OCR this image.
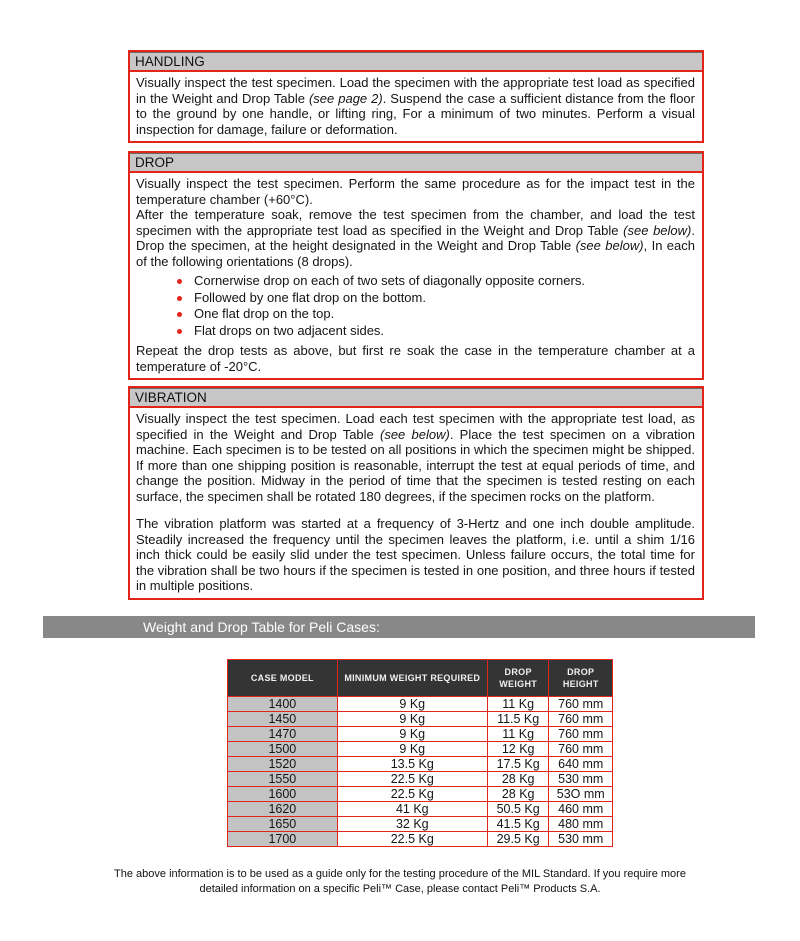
HANDLING

Visually inspect the test specimen. Load the specimen with the appropriate test load as specified in the Weight and Drop Table (see page 2). Suspend the case a sufficient distance from the floor to the ground by one handle, or lifting ring, For a minimum of two minutes. Perform a visual inspection for damage, failure or deformation.

DROP

Visually inspect the test specimen. Perform the same procedure as for the impact test in the temperature chamber (+60°C).

After the temperature soak, remove the test specimen from the chamber, and load the test specimen with the appropriate test load as specified in the Weight and Drop Table (see below). Drop the specimen, at the height designated in the Weight and Drop Table (see below), In each of the following orientations (8 drops).

Cornerwise drop on each of two sets of diagonally opposite corners.
Followed by one flat drop on the bottom.
One flat drop on the top.
Flat drops on two adjacent sides.

Repeat the drop tests as above, but first re soak the case in the temperature chamber at a temperature of -20°C.

VIBRATION

Visually inspect the test specimen. Load each test specimen with the appropriate test load, as specified in the Weight and Drop Table (see below). Place the test specimen on a vibration machine. Each specimen is to be tested on all positions in which the specimen might be shipped. If more than one shipping position is reasonable, interrupt the test at equal periods of time, and change the position. Midway in the period of time that the specimen is tested resting on each surface, the specimen shall be rotated 180 degrees, if the specimen rocks on the platform.

The vibration platform was started at a frequency of 3-Hertz and one inch double amplitude. Steadily increased the frequency until the specimen leaves the platform, i.e. until a shim 1/16 inch thick could be easily slid under the test specimen. Unless failure occurs, the total time for the vibration shall be two hours if the specimen is tested in one position, and three hours if tested in multiple positions.

Weight and Drop Table for Peli Cases:
CASE MODEL	MINIMUM WEIGHT REQUIRED	DROP WEIGHT	DROP HEIGHT
1400	9 Kg	11 Kg	760 mm
1450	9 Kg	11.5 Kg	760 mm
1470	9 Kg	11 Kg	760 mm
1500	9 Kg	12 Kg	760 mm
1520	13.5 Kg	17.5 Kg	640 mm
1550	22.5 Kg	28 Kg	530 mm
1600	22.5 Kg	28 Kg	53O mm
1620	41 Kg	50.5 Kg	460 mm
1650	32 Kg	41.5 Kg	480 mm
1700	22.5 Kg	29.5 Kg	530 mm
The above information is to be used as a guide only for the testing procedure of the MIL Standard. If you require more detailed information on a specific Peli™ Case, please contact Peli™ Products S.A.
